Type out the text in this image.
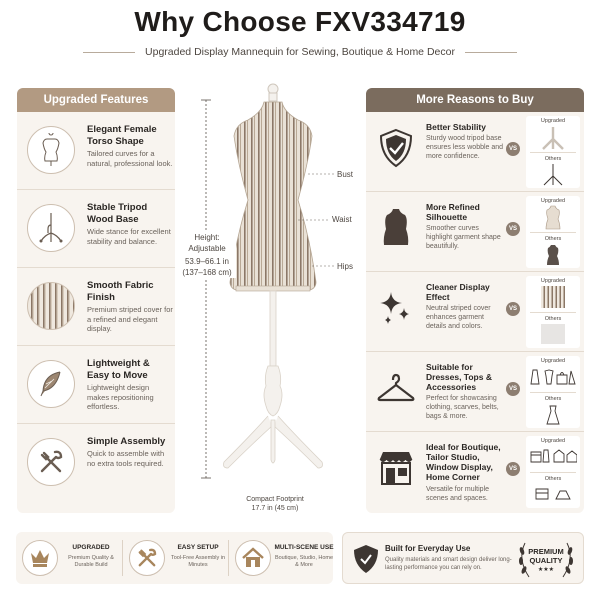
Why Choose FXV334719
Upgraded Display Mannequin for Sewing, Boutique & Home Decor
Upgraded Features
Elegant Female Torso Shape
Tailored curves for a natural, professional look.
Stable Tripod Wood Base
Wide stance for excellent stability and balance.
Smooth Fabric Finish
Premium striped cover for a refined and elegant display.
Lightweight & Easy to Move
Lightweight design makes repositioning effortless.
Simple Assembly
Quick to assemble with no extra tools required.
Height:
Adjustable
53.9–66.1 in
(137–168 cm)
Bust
Waist
Hips
Compact Footprint
17.7 in (45 cm)
More Reasons to Buy
Better Stability
Sturdy wood tripod base ensures less wobble and more confidence.
VS
Upgraded
Others
More Refined Silhouette
Smoother curves highlight garment shape beautifully.
VS
Upgraded
Others
Cleaner Display Effect
Neutral striped cover enhances garment details and colors.
VS
Upgraded
Others
Suitable for Dresses, Tops & Accessories
Perfect for showcasing clothing, scarves, belts, bags & more.
VS
Upgraded
Others
Ideal for Boutique, Tailor Studio, Window Display, Home Corner
Versatile for multiple scenes and spaces.
VS
Upgraded
Others
UPGRADED
Premium Quality & Durable Build
EASY SETUP
Tool-Free Assembly in Minutes
MULTI-SCENE USE
Boutique, Studio, Home & More
Built for Everyday Use
Quality materials and smart design deliver long-lasting performance you can rely on.
PREMIUM
QUALITY
★★★
